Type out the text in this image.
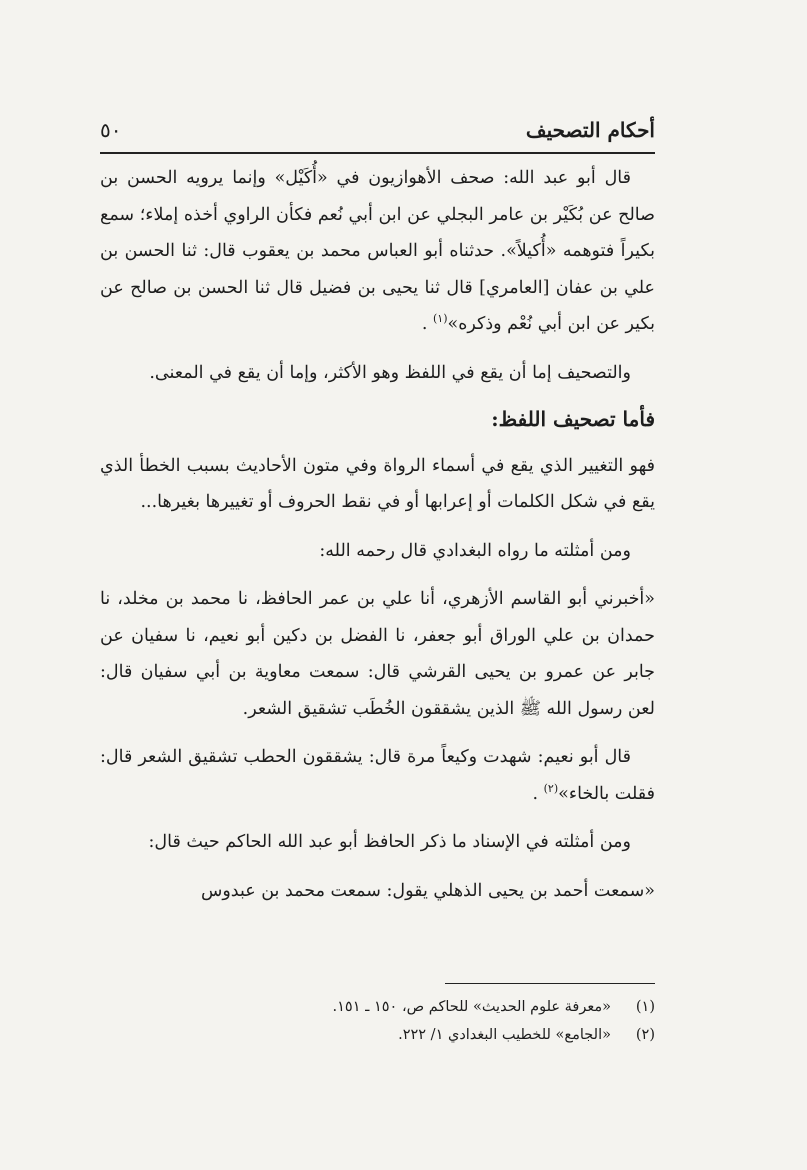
أحكام التصحيف
٥٠

قال أبو عبد الله: صحف الأهوازيون في «أُكَيْل» وإنما يرويه الحسن بن صالح عن بُكَيْر بن عامر البجلي عن ابن أبي نُعم فكأن الراوي أخذه إملاء؛ سمع بكيراً فتوهمه «أُكيلاً». حدثناه أبو العباس محمد بن يعقوب قال: ثنا الحسن بن علي بن عفان [العامري] قال ثنا يحيى بن فضيل قال ثنا الحسن بن صالح عن بكير عن ابن أبي نُعْم وذكره»$^{(١)}$ .

والتصحيف إما أن يقع في اللفظ وهو الأكثر، وإما أن يقع في المعنى.

فأما تصحيف اللفظ:

فهو التغيير الذي يقع في أسماء الرواة وفي متون الأحاديث بسبب الخطأ الذي يقع في شكل الكلمات أو إعرابها أو في نقط الحروف أو تغييرها بغيرها...

ومن أمثلته ما رواه البغدادي قال رحمه الله:

«أخبرني أبو القاسم الأزهري، أنا علي بن عمر الحافظ، نا محمد بن مخلد، نا حمدان بن علي الوراق أبو جعفر، نا الفضل بن دكين أبو نعيم، نا سفيان عن جابر عن عمرو بن يحيى القرشي قال: سمعت معاوية بن أبي سفيان قال: لعن رسول الله ﷺ الذين يشققون الخُطَب تشقيق الشعر.

قال أبو نعيم: شهدت وكيعاً مرة قال: يشققون الحطب تشقيق الشعر قال: فقلت بالخاء»$^{(٢)}$ .

ومن أمثلته في الإسناد ما ذكر الحافظ أبو عبد الله الحاكم حيث قال:

«سمعت أحمد بن يحيى الذهلي يقول: سمعت محمد بن عبدوس

(١)
«معرفة علوم الحديث» للحاكم ص، ١٥٠ ـ ١٥١.
(٢)
«الجامع» للخطيب البغدادي ١/ ٢٢٢.
